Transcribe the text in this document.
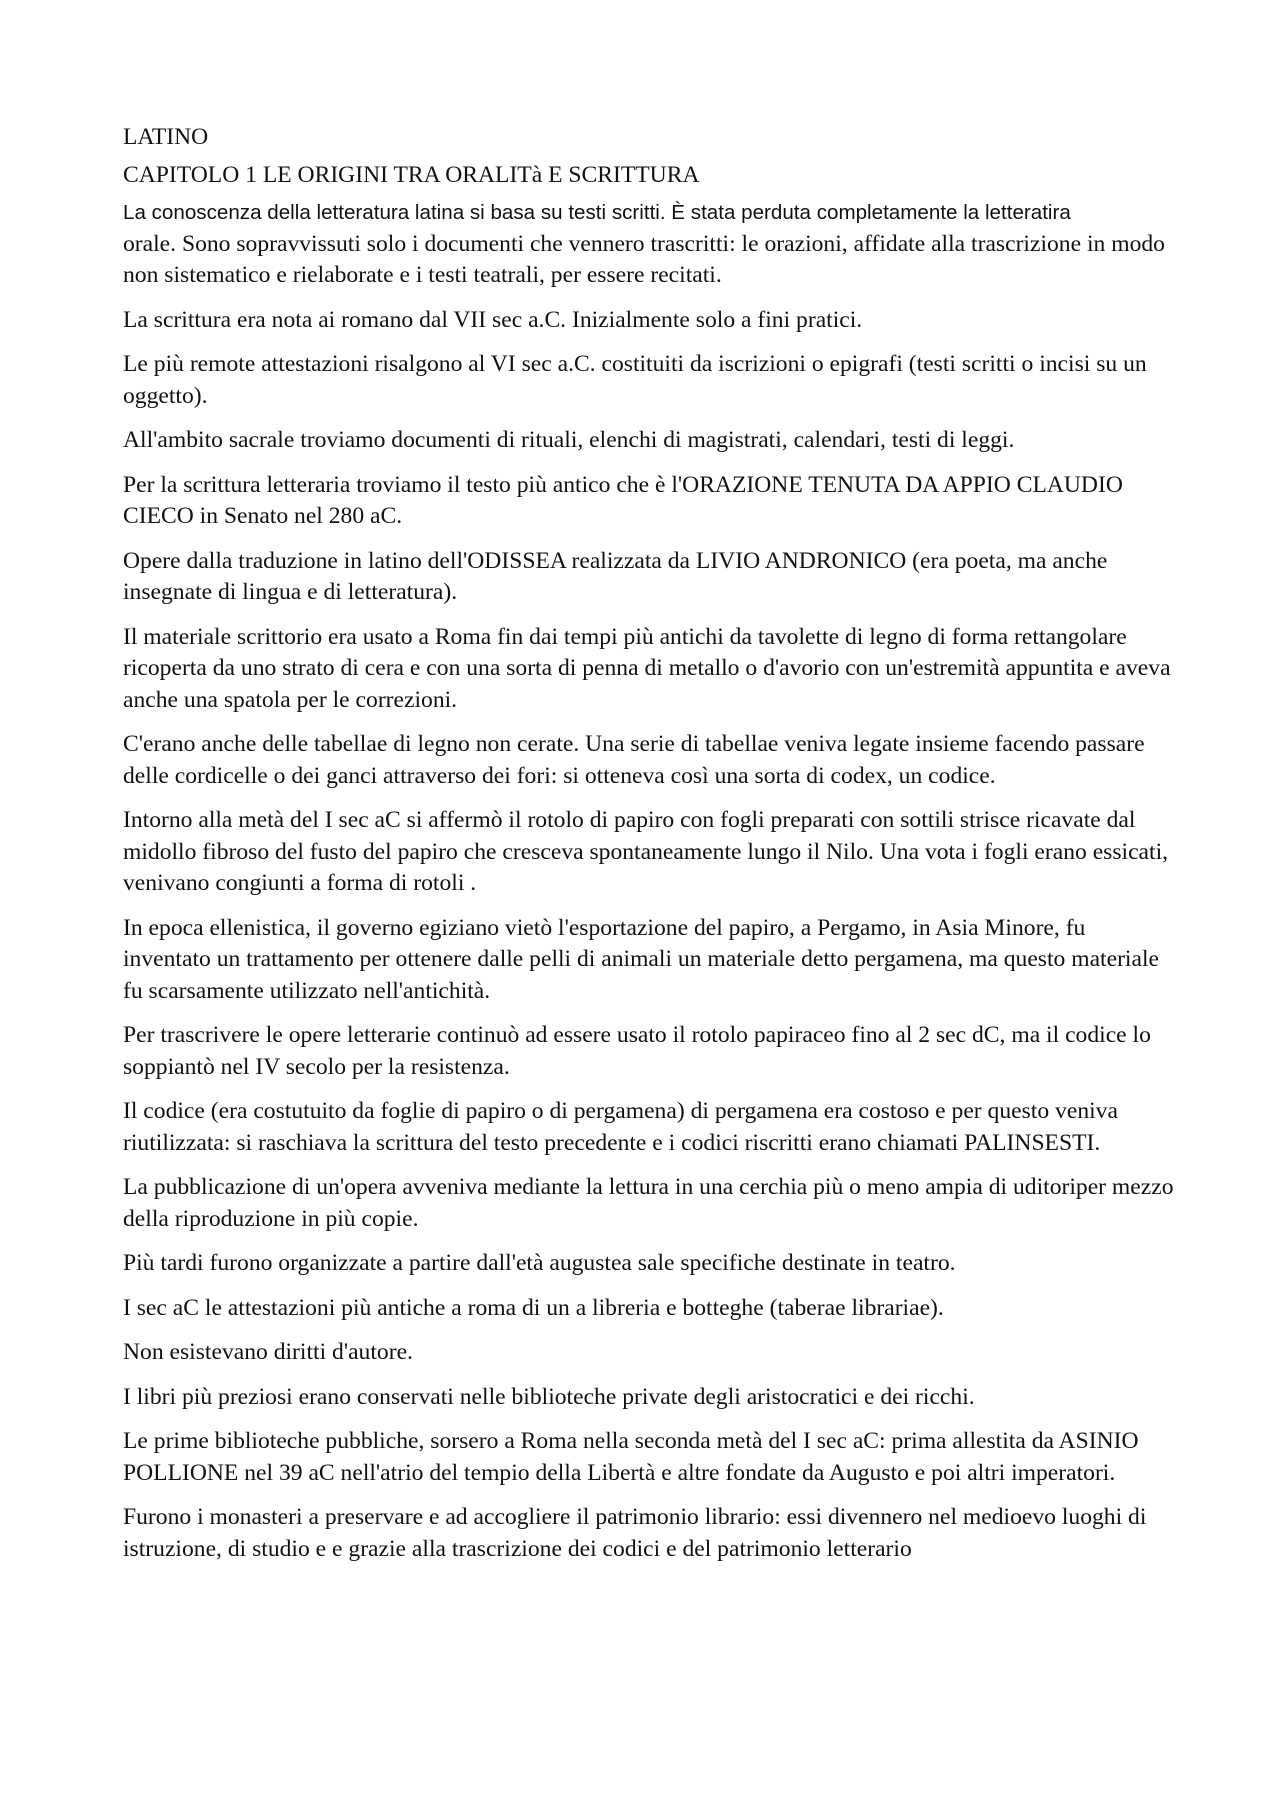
LATINO
CAPITOLO 1 LE ORIGINI TRA ORALITà E SCRITTURA

La conoscenza della letteratura latina si basa su testi scritti. È stata perduta completamente la letteratira
orale. Sono sopravvissuti solo i documenti che vennero trascritti: le orazioni, affidate alla trascrizione in modo non sistematico e rielaborate e i testi teatrali, per essere recitati.

La scrittura era nota ai romano dal VII sec a.C. Inizialmente solo a fini pratici.

Le più remote attestazioni risalgono al VI sec a.C. costituiti da iscrizioni o epigrafi (testi scritti o incisi su un oggetto).

All'ambito sacrale troviamo documenti di rituali, elenchi di magistrati, calendari, testi di leggi.

Per la scrittura letteraria troviamo il testo più antico che è l'ORAZIONE TENUTA DA APPIO CLAUDIO CIECO in Senato nel 280 aC.

Opere dalla traduzione in latino dell'ODISSEA realizzata da LIVIO ANDRONICO (era poeta, ma anche insegnate di lingua e di letteratura).

Il materiale scrittorio era usato a Roma fin dai tempi più antichi da tavolette di legno di forma rettangolare ricoperta da uno strato di cera e con una sorta di penna di metallo o d'avorio con un'estremità appuntita e aveva anche una spatola per le correzioni.

C'erano anche delle tabellae di legno non cerate. Una serie di tabellae veniva legate insieme facendo passare delle cordicelle o dei ganci attraverso dei fori: si otteneva così una sorta di codex, un codice.

Intorno alla metà del I sec aC si affermò il rotolo di papiro con fogli preparati con sottili strisce ricavate dal midollo fibroso del fusto del papiro che cresceva spontaneamente lungo il Nilo. Una vota i fogli erano essicati, venivano congiunti a forma di rotoli .

In epoca ellenistica, il governo egiziano vietò l'esportazione del papiro, a Pergamo, in Asia Minore, fu inventato un trattamento per ottenere dalle pelli di animali un materiale detto pergamena, ma questo materiale fu scarsamente utilizzato nell'antichità.

Per trascrivere le opere letterarie continuò ad essere usato il rotolo papiraceo fino al 2 sec dC, ma il codice lo soppiantò nel IV secolo per la resistenza.

Il codice (era costutuito da foglie di papiro o di pergamena) di pergamena era costoso e per questo veniva riutilizzata: si raschiava la scrittura del testo precedente e i codici riscritti erano chiamati PALINSESTI.

La pubblicazione di un'opera avveniva mediante la lettura in una cerchia più o meno ampia di uditoriper mezzo della riproduzione in più copie.

Più tardi furono organizzate a partire dall'età augustea sale specifiche destinate in teatro.

I sec aC le attestazioni più antiche a roma di un a libreria e botteghe (taberae librariae).

Non esistevano diritti d'autore.

I libri più preziosi erano conservati nelle biblioteche private degli aristocratici e dei ricchi.

Le prime biblioteche pubbliche, sorsero a Roma nella seconda metà del I sec aC: prima allestita da ASINIO POLLIONE nel 39 aC nell'atrio del tempio della Libertà e altre fondate da Augusto e poi altri imperatori.

Furono i monasteri a preservare e ad accogliere il patrimonio librario: essi divennero nel medioevo luoghi di istruzione, di studio e e grazie alla trascrizione dei codici e del patrimonio letterario
